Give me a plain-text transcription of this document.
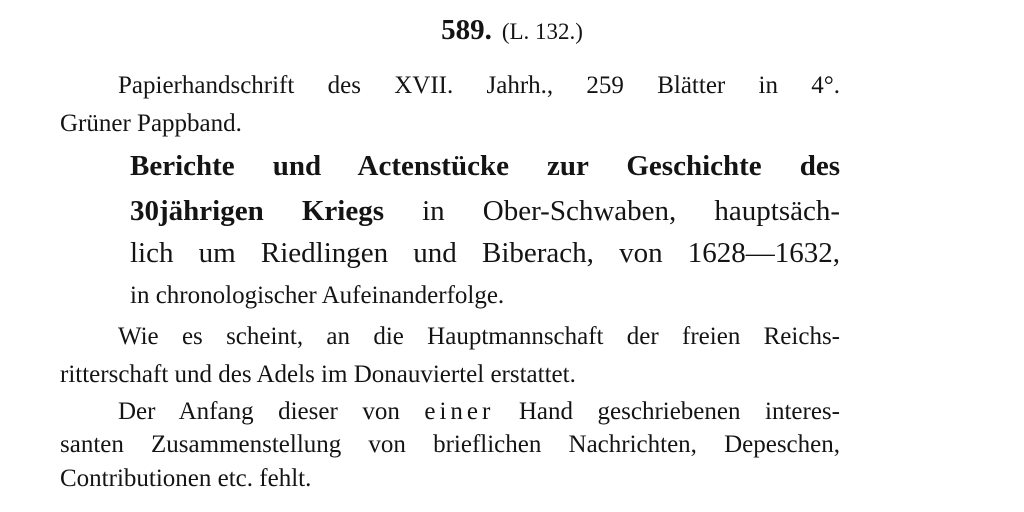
589. (L. 132.)

Papierhandschrift des XVII. Jahrh., 259 Blätter in 4°.

Grüner Pappband.

Berichte und Actenstücke zur Geschichte des

30jährigen Kriegs in Ober-Schwaben, hauptsäch-

lich um Riedlingen und Biberach, von 1628—1632,

in chronologischer Aufeinanderfolge.

Wie es scheint, an die Hauptmannschaft der freien Reichs-

ritterschaft und des Adels im Donauviertel erstattet.

Der Anfang dieser von einer Hand geschriebenen interes-

santen Zusammenstellung von brieflichen Nachrichten, Depeschen,

Contributionen etc. fehlt.
